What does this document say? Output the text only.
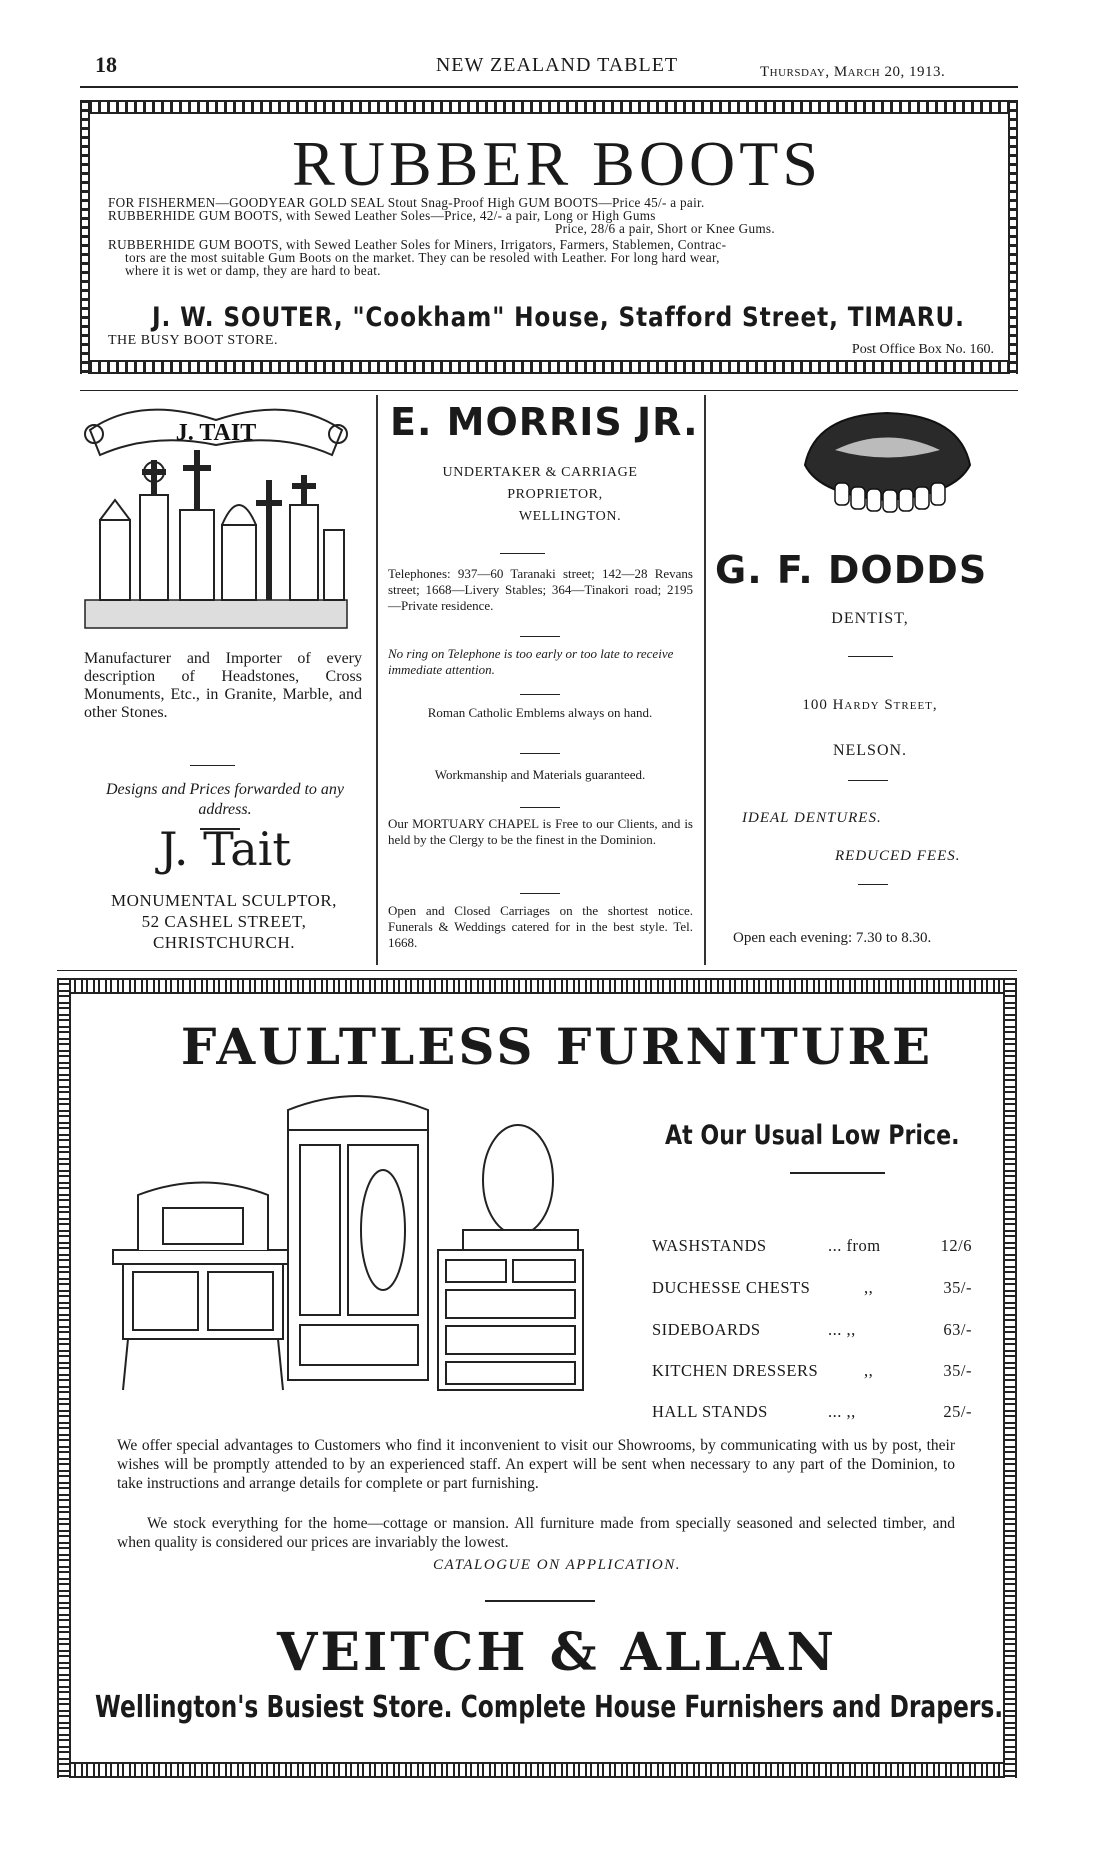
18	NEW ZEALAND TABLET	Thursday, March 20, 1913.
RUBBER BOOTS
FOR FISHERMEN—GOODYEAR GOLD SEAL Stout Snag-Proof High GUM BOOTS—Price 45/- a pair.
RUBBERHIDE GUM BOOTS, with Sewed Leather Soles—Price, 42/- a pair, Long or High Gums
Price, 28/6 a pair, Short or Knee Gums.
RUBBERHIDE GUM BOOTS, with Sewed Leather Soles for Miners, Irrigators, Farmers, Stablemen, Contrac-
tors are the most suitable Gum Boots on the market. They can be resoled with Leather. For long hard wear,
where it is wet or damp, they are hard to beat.
J. W. SOUTER, "Cookham" House, Stafford Street, TIMARU.
THE BUSY BOOT STORE.
Post Office Box No. 160.
J. TAIT
Manufacturer and Importer of every description of Headstones, Cross Monuments, Etc., in Granite, Marble, and other Stones.
Designs and Prices forwarded to any address.
J. Tait
MONUMENTAL SCULPTOR,
52 CASHEL STREET,
CHRISTCHURCH.
E. MORRIS JR.
UNDERTAKER & CARRIAGE
PROPRIETOR,
WELLINGTON.
Telephones: 937—60 Taranaki street; 142—28 Revans street; 1668—Livery Stables; 364—Tinakori road; 2195—Private residence.
No ring on Telephone is too early or too late to receive immediate attention.
Roman Catholic Emblems always on hand.
Workmanship and Materials guaranteed.
Our MORTUARY CHAPEL is Free to our Clients, and is held by the Clergy to be the finest in the Dominion.
Open and Closed Carriages on the shortest notice. Funerals & Weddings catered for in the best style. Tel. 1668.
G. F. DODDS
DENTIST,
100 Hardy Street,
NELSON.
IDEAL DENTURES.
REDUCED FEES.
Open each evening: 7.30 to 8.30.
FAULTLESS FURNITURE
At Our Usual Low Price.
WASHSTANDS	... from	12/6
DUCHESSE CHESTS	,,	35/-
SIDEBOARDS	... ,,	63/-
KITCHEN DRESSERS	,,	35/-
HALL STANDS	... ,,	25/-
We offer special advantages to Customers who find it inconvenient to visit our Showrooms, by communicating with us by post, their wishes will be promptly attended to by an experienced staff. An expert will be sent when necessary to any part of the Dominion, to take instructions and arrange details for complete or part furnishing.
We stock everything for the home—cottage or mansion. All furniture made from specially seasoned and selected timber, and when quality is considered our prices are invariably the lowest.
CATALOGUE ON APPLICATION.
VEITCH & ALLAN
Wellington's Busiest Store. Complete House Furnishers and Drapers.
